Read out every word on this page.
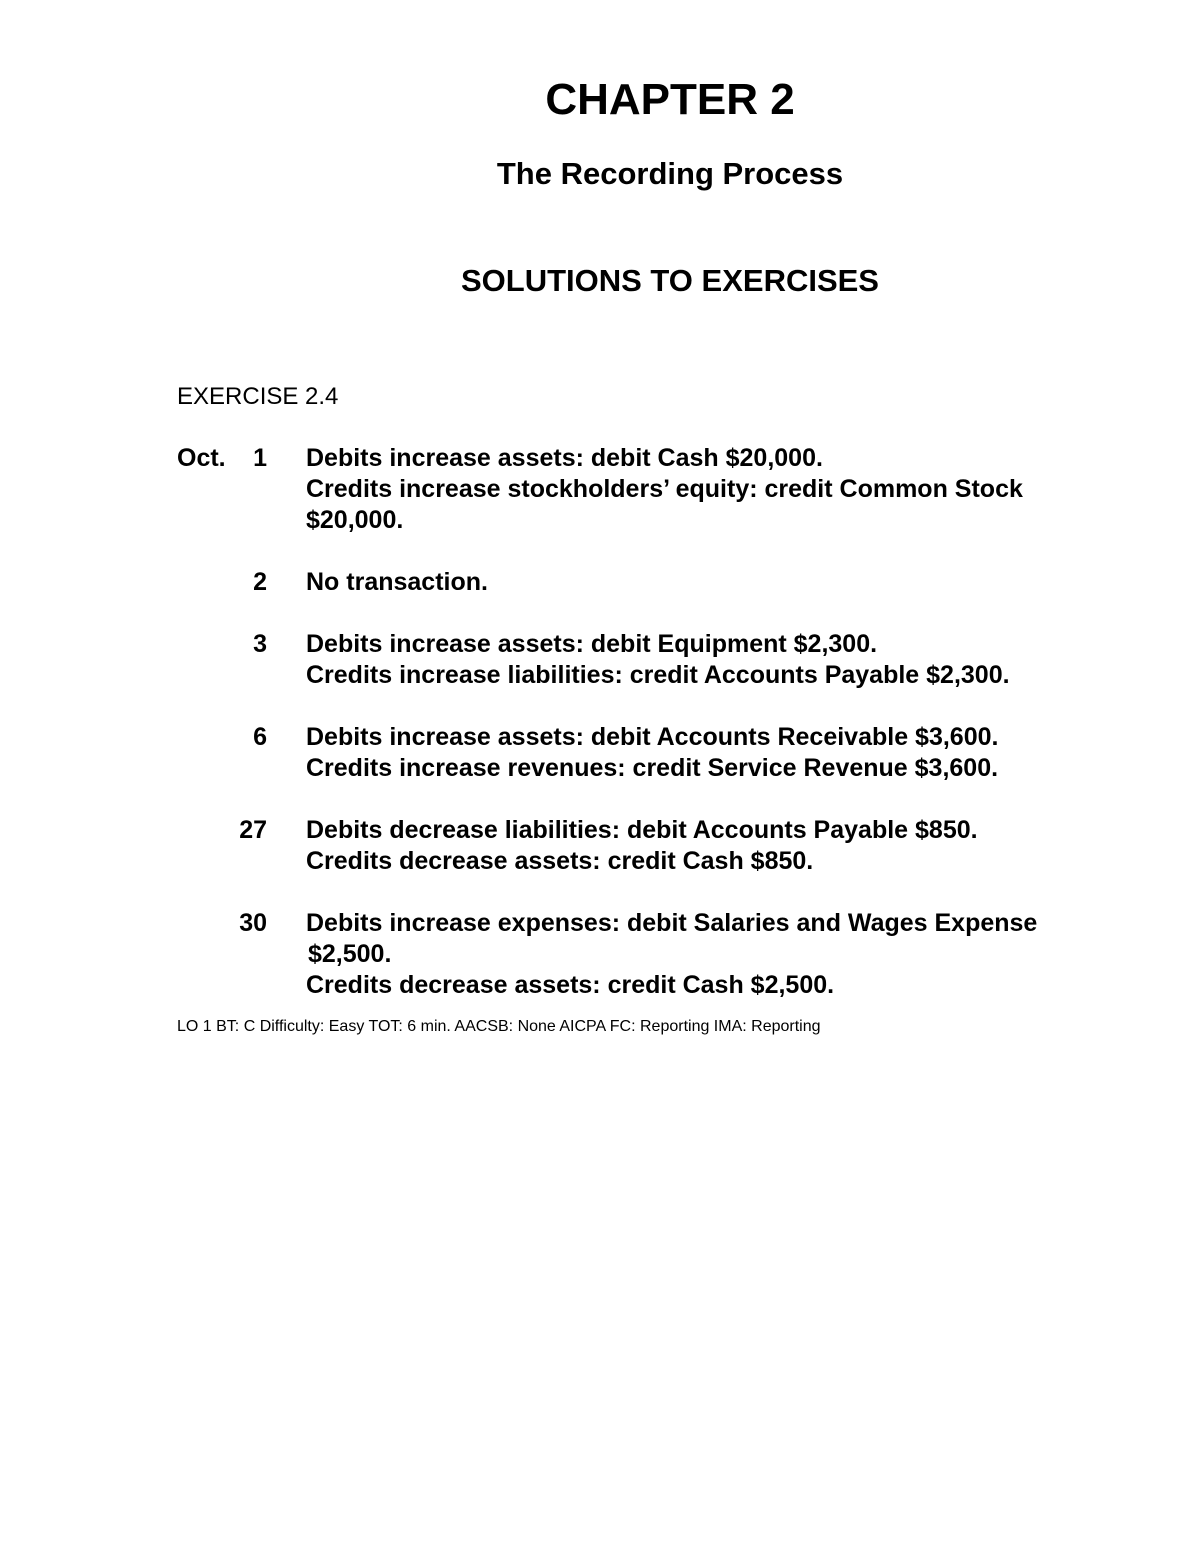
CHAPTER 2
The Recording Process
SOLUTIONS TO EXERCISES
EXERCISE 2.4
Oct.	1 Debits increase assets: debit Cash $20,000.
Credits increase stockholders’ equity: credit Common Stock
$20,000.
2 No transaction.
3 Debits increase assets: debit Equipment $2,300.
Credits increase liabilities: credit Accounts Payable $2,300.
6 Debits increase assets: debit Accounts Receivable $3,600.
Credits increase revenues: credit Service Revenue $3,600.
27 Debits decrease liabilities: debit Accounts Payable $850.
Credits decrease assets: credit Cash $850.
30 Debits increase expenses: debit Salaries and Wages Expense
$2,500.
Credits decrease assets: credit Cash $2,500.
LO 1 BT: C Difficulty: Easy TOT: 6 min. AACSB: None AICPA FC: Reporting IMA: Reporting
